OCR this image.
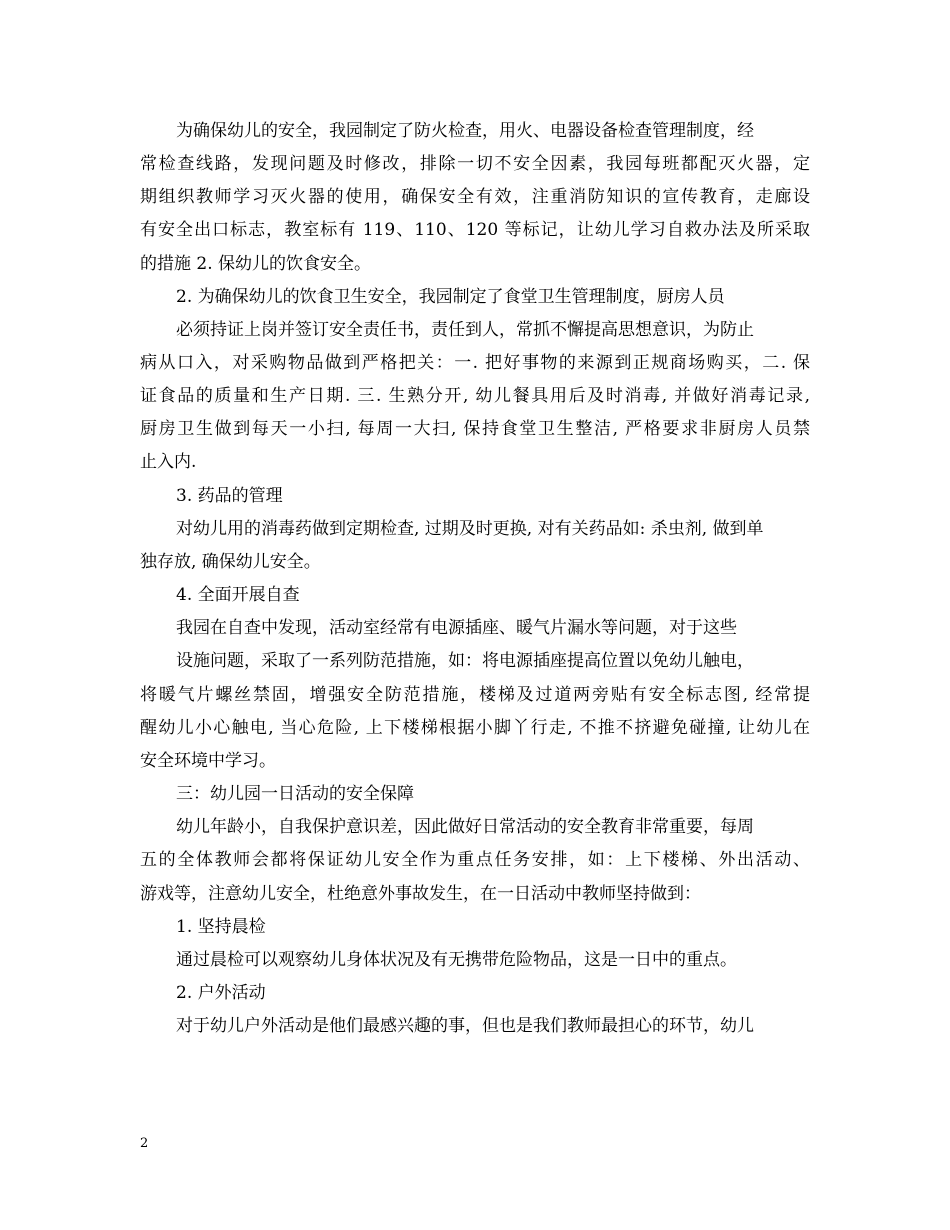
为确保幼儿的安全，我园制定了防火检查，用火、电器设备检查管理制度，经
常检查线路，发现问题及时修改，排除一切不安全因素，我园每班都配灭火器，定
期组织教师学习灭火器的使用，确保安全有效，注重消防知识的宣传教育，走廊设
有安全出口标志，教室标有 119、110、120 等标记，让幼儿学习自救办法及所采取
的措施 2. 保幼儿的饮食安全。
2. 为确保幼儿的饮食卫生安全，我园制定了食堂卫生管理制度，厨房人员
必须持证上岗并签订安全责任书，责任到人，常抓不懈提高思想意识，为防止
病从口入，对采购物品做到严格把关：一. 把好事物的来源到正规商场购买，二. 保
证食品的质量和生产日期. 三. 生熟分开, 幼儿餐具用后及时消毒, 并做好消毒记录,
厨房卫生做到每天一小扫, 每周一大扫, 保持食堂卫生整洁, 严格要求非厨房人员禁
止入内.
3. 药品的管理
对幼儿用的消毒药做到定期检查, 过期及时更换, 对有关药品如: 杀虫剂, 做到单
独存放, 确保幼儿安全。
4. 全面开展自查
我园在自查中发现，活动室经常有电源插座、暖气片漏水等问题，对于这些
设施问题，采取了一系列防范措施，如：将电源插座提高位置以免幼儿触电，
将暖气片螺丝禁固，增强安全防范措施，楼梯及过道两旁贴有安全标志图, 经常提
醒幼儿小心触电, 当心危险, 上下楼梯根据小脚丫行走, 不推不挤避免碰撞, 让幼儿在
安全环境中学习。
三：幼儿园一日活动的安全保障
幼儿年龄小，自我保护意识差，因此做好日常活动的安全教育非常重要，每周
五的全体教师会都将保证幼儿安全作为重点任务安排，如：上下楼梯、外出活动、
游戏等，注意幼儿安全，杜绝意外事故发生，在一日活动中教师坚持做到：
1. 坚持晨检
通过晨检可以观察幼儿身体状况及有无携带危险物品，这是一日中的重点。
2. 户外活动
对于幼儿户外活动是他们最感兴趣的事，但也是我们教师最担心的环节，幼儿
2
